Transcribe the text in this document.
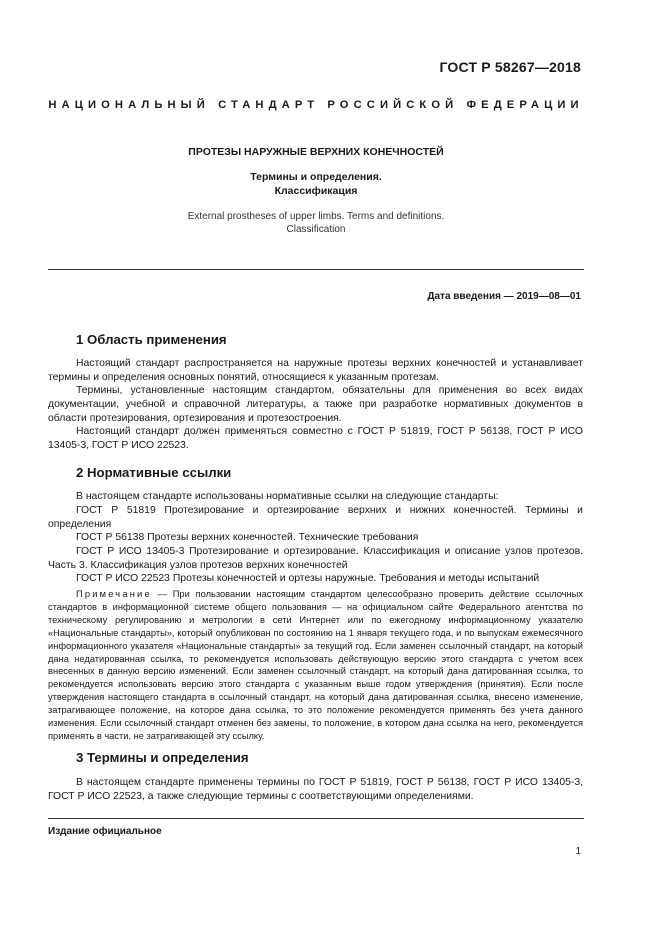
ГОСТ Р 58267—2018
НАЦИОНАЛЬНЫЙ СТАНДАРТ РОССИЙСКОЙ ФЕДЕРАЦИИ
ПРОТЕЗЫ НАРУЖНЫЕ ВЕРХНИХ КОНЕЧНОСТЕЙ
Термины и определения.
Классификация
External prostheses of upper limbs. Terms and definitions.
Classification
Дата введения — 2019—08—01
1 Область применения
Настоящий стандарт распространяется на наружные протезы верхних конечностей и устанавливает термины и определения основных понятий, относящиеся к указанным протезам.
Термины, установленные настоящим стандартом, обязательны для применения во всех видах документации, учебной и справочной литературы, а также при разработке нормативных документов в области протезирования, ортезирования и протезостроения.
Настоящий стандарт должен применяться совместно с ГОСТ Р 51819, ГОСТ Р 56138, ГОСТ Р ИСО 13405-3, ГОСТ Р ИСО 22523.
2 Нормативные ссылки
В настоящем стандарте использованы нормативные ссылки на следующие стандарты:
ГОСТ Р 51819 Протезирование и ортезирование верхних и нижних конечностей. Термины и определения
ГОСТ Р 56138 Протезы верхних конечностей. Технические требования
ГОСТ Р ИСО 13405-3 Протезирование и ортезирование. Классификация и описание узлов протезов. Часть 3. Классификация узлов протезов верхних конечностей
ГОСТ Р ИСО 22523 Протезы конечностей и ортезы наружные. Требования и методы испытаний
Примечание — При пользовании настоящим стандартом целесообразно проверить действие ссылочных стандартов в информационной системе общего пользования — на официальном сайте Федерального агентства по техническому регулированию и метрологии в сети Интернет или по ежегодному информационному указателю «Национальные стандарты», который опубликован по состоянию на 1 января текущего года, и по выпускам ежемесячного информационного указателя «Национальные стандарты» за текущий год. Если заменен ссылочный стандарт, на который дана недатированная ссылка, то рекомендуется использовать действующую версию этого стандарта с учетом всех внесенных в данную версию изменений. Если заменен ссылочный стандарт, на который дана датированная ссылка, то рекомендуется использовать версию этого стандарта с указанным выше годом утверждения (принятия). Если после утверждения настоящего стандарта в ссылочный стандарт, на который дана датированная ссылка, внесено изменение, затрагивающее положение, на которое дана ссылка, то это положение рекомендуется применять без учета данного изменения. Если ссылочный стандарт отменен без замены, то положение, в котором дана ссылка на него, рекомендуется применять в части, не затрагивающей эту ссылку.
3 Термины и определения
В настоящем стандарте применены термины по ГОСТ Р 51819, ГОСТ Р 56138, ГОСТ Р ИСО 13405-3, ГОСТ Р ИСО 22523, а также следующие термины с соответствующими определениями.
Издание официальное
1
